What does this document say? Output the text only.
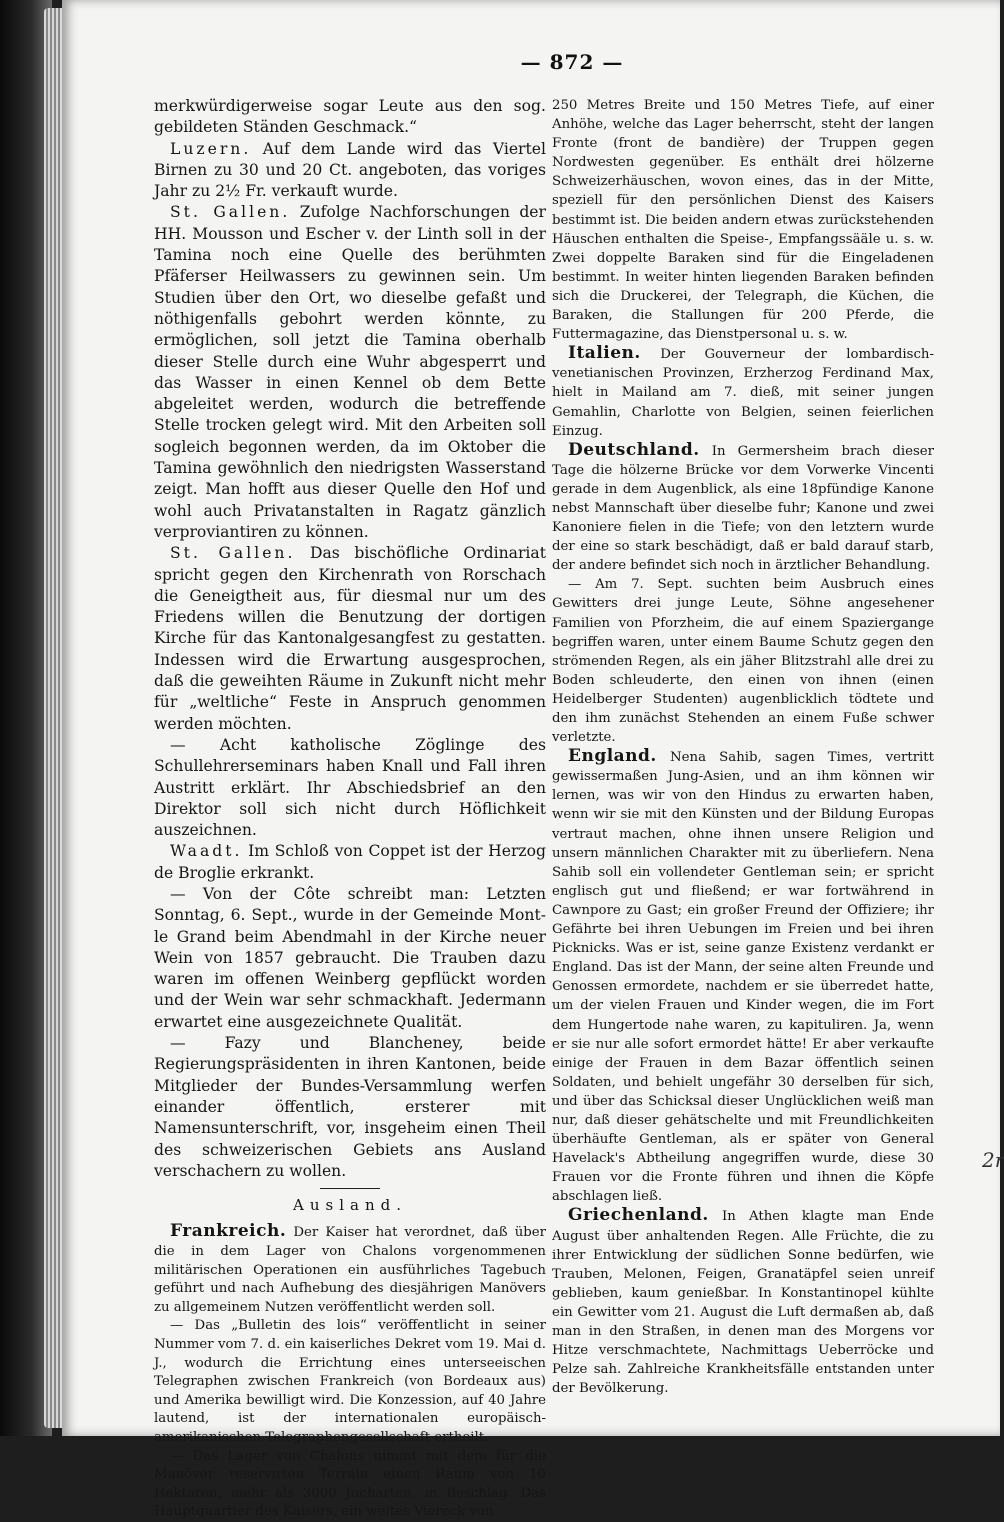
— 872 —

merkwürdigerweise sogar Leute aus den sog. gebildeten Ständen Geschmack.“

Luzern. Auf dem Lande wird das Viertel Birnen zu 30 und 20 Ct. angeboten, das voriges Jahr zu 2½ Fr. verkauft wurde.

St. Gallen. Zufolge Nachforschungen der HH. Mousson und Escher v. der Linth soll in der Tamina noch eine Quelle des berühmten Pfäferser Heilwassers zu gewinnen sein. Um Studien über den Ort, wo dieselbe gefaßt und nöthigenfalls gebohrt werden könnte, zu ermöglichen, soll jetzt die Tamina oberhalb dieser Stelle durch eine Wuhr abgesperrt und das Wasser in einen Kennel ob dem Bette abgeleitet werden, wodurch die betreffende Stelle trocken gelegt wird. Mit den Arbeiten soll sogleich begonnen werden, da im Oktober die Tamina gewöhnlich den niedrigsten Wasserstand zeigt. Man hofft aus dieser Quelle den Hof und wohl auch Privatanstalten in Ragatz gänzlich verproviantiren zu können.

St. Gallen. Das bischöfliche Ordinariat spricht gegen den Kirchenrath von Rorschach die Geneigtheit aus, für diesmal nur um des Friedens willen die Benutzung der dortigen Kirche für das Kantonalgesangfest zu gestatten. Indessen wird die Erwartung ausgesprochen, daß die geweihten Räume in Zukunft nicht mehr für „weltliche“ Feste in Anspruch genommen werden möchten.

— Acht katholische Zöglinge des Schullehrerseminars haben Knall und Fall ihren Austritt erklärt. Ihr Abschiedsbrief an den Direktor soll sich nicht durch Höflichkeit auszeichnen.

Waadt. Im Schloß von Coppet ist der Herzog de Broglie erkrankt.

— Von der Côte schreibt man: Letzten Sonntag, 6. Sept., wurde in der Gemeinde Mont-le Grand beim Abendmahl in der Kirche neuer Wein von 1857 gebraucht. Die Trauben dazu waren im offenen Weinberg gepflückt worden und der Wein war sehr schmackhaft. Jedermann erwartet eine ausgezeichnete Qualität.

— Fazy und Blancheney, beide Regierungspräsidenten in ihren Kantonen, beide Mitglieder der Bundes-Versammlung werfen einander öffentlich, ersterer mit Namensunterschrift, vor, insgeheim einen Theil des schweizerischen Gebiets ans Ausland verschachern zu wollen.

Ausland.

Frankreich. Der Kaiser hat verordnet, daß über die in dem Lager von Chalons vorgenommenen militärischen Operationen ein ausführliches Tagebuch geführt und nach Aufhebung des diesjährigen Manövers zu allgemeinem Nutzen veröffentlicht werden soll.

— Das „Bulletin des lois“ veröffentlicht in seiner Nummer vom 7. d. ein kaiserliches Dekret vom 19. Mai d. J., wodurch die Errichtung eines unterseeischen Telegraphen zwischen Frankreich (von Bordeaux aus) und Amerika bewilligt wird. Die Konzession, auf 40 Jahre lautend, ist der internationalen europäisch-amerikanischen Telegraphengesellschaft ertheilt.

— Das Lager von Chalons nimmt mit dem für die Manöver reservirten Terrain einen Raum von 10 Hektaren, mehr als 3000 Jucharten, in Beschlag. Das Hauptquartier des Kaisers, ein weites Viereck von

250 Metres Breite und 150 Metres Tiefe, auf einer Anhöhe, welche das Lager beherrscht, steht der langen Fronte (front de bandière) der Truppen gegen Nordwesten gegenüber. Es enthält drei hölzerne Schweizerhäuschen, wovon eines, das in der Mitte, speziell für den persönlichen Dienst des Kaisers bestimmt ist. Die beiden andern etwas zurückstehenden Häuschen enthalten die Speise-, Empfangssääle u. s. w. Zwei doppelte Baraken sind für die Eingeladenen bestimmt. In weiter hinten liegenden Baraken befinden sich die Druckerei, der Telegraph, die Küchen, die Baraken, die Stallungen für 200 Pferde, die Futtermagazine, das Dienstpersonal u. s. w.

Italien. Der Gouverneur der lombardisch-venetianischen Provinzen, Erzherzog Ferdinand Max, hielt in Mailand am 7. dieß, mit seiner jungen Gemahlin, Charlotte von Belgien, seinen feierlichen Einzug.

Deutschland. In Germersheim brach dieser Tage die hölzerne Brücke vor dem Vorwerke Vincenti gerade in dem Augenblick, als eine 18pfündige Kanone nebst Mannschaft über dieselbe fuhr; Kanone und zwei Kanoniere fielen in die Tiefe; von den letztern wurde der eine so stark beschädigt, daß er bald darauf starb, der andere befindet sich noch in ärztlicher Behandlung.

— Am 7. Sept. suchten beim Ausbruch eines Gewitters drei junge Leute, Söhne angesehener Familien von Pforzheim, die auf einem Spaziergange begriffen waren, unter einem Baume Schutz gegen den strömenden Regen, als ein jäher Blitzstrahl alle drei zu Boden schleuderte, den einen von ihnen (einen Heidelberger Studenten) augenblicklich tödtete und den ihm zunächst Stehenden an einem Fuße schwer verletzte.

England. Nena Sahib, sagen Times, vertritt gewissermaßen Jung-Asien, und an ihm können wir lernen, was wir von den Hindus zu erwarten haben, wenn wir sie mit den Künsten und der Bildung Europas vertraut machen, ohne ihnen unsere Religion und unsern männlichen Charakter mit zu überliefern. Nena Sahib soll ein vollendeter Gentleman sein; er spricht englisch gut und fließend; er war fortwährend in Cawnpore zu Gast; ein großer Freund der Offiziere; ihr Gefährte bei ihren Uebungen im Freien und bei ihren Picknicks. Was er ist, seine ganze Existenz verdankt er England. Das ist der Mann, der seine alten Freunde und Genossen ermordete, nachdem er sie überredet hatte, um der vielen Frauen und Kinder wegen, die im Fort dem Hungertode nahe waren, zu kapituliren. Ja, wenn er sie nur alle sofort ermordet hätte! Er aber verkaufte einige der Frauen in dem Bazar öffentlich seinen Soldaten, und behielt ungefähr 30 derselben für sich, und über das Schicksal dieser Unglücklichen weiß man nur, daß dieser gehätschelte und mit Freundlichkeiten überhäufte Gentleman, als er später von General Havelack's Abtheilung angegriffen wurde, diese 30 Frauen vor die Fronte führen und ihnen die Köpfe abschlagen ließ.

Griechenland. In Athen klagte man Ende August über anhaltenden Regen. Alle Früchte, die zu ihrer Entwicklung der südlichen Sonne bedürfen, wie Trauben, Melonen, Feigen, Granatäpfel seien unreif geblieben, kaum genießbar. In Konstantinopel kühlte ein Gewitter vom 21. August die Luft dermaßen ab, daß man in den Straßen, in denen man des Morgens vor Hitze verschmachtete, Nachmittags Ueberröcke und Pelze sah. Zahlreiche Krankheitsfälle entstanden unter der Bevölkerung.

2r
